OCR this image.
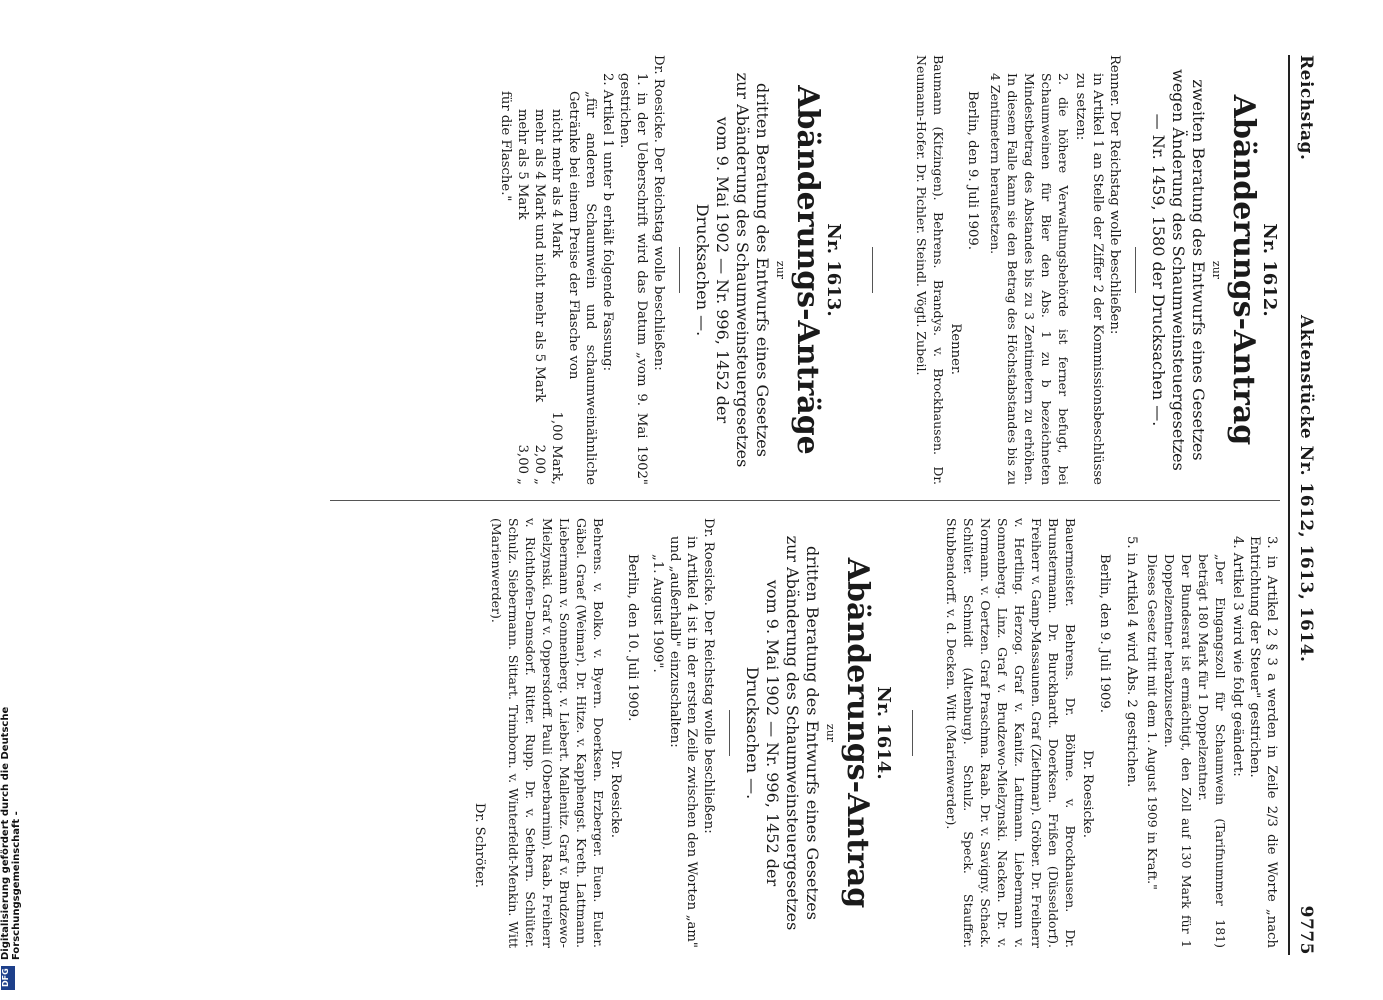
Reichstag.
Aktenstücke Nr. 1612, 1613, 1614.
9775

Nr. 1612.

Abänderungs-Antrag

zur

zweiten Beratung des Entwurfs eines Gesetzes

wegen Änderung des Schaumweinsteuergesetzes

— Nr. 1459, 1580 der Drucksachen —.

Renner. Der Reichstag wolle beschließen:

in Artikel 1 an Stelle der Ziffer 2 der Kommissionsbeschlüsse zu setzen:

2. die höhere Verwaltungsbehörde ist ferner befugt, bei Schaumweinen für Bier den Abs. 1 zu b bezeichneten Mindestbetrag des Abstandes bis zu 3 Zentimetern zu erhöhen. In diesem Falle kann sie den Betrag des Höchstabstandes bis zu 4 Zentimetern heraufsetzen.

Berlin, den 9. Juli 1909.

Renner.

Baumann (Kitzingen). Behrens. Brandys. v. Brockhausen. Dr. Neumann-Hofer. Dr. Pichler. Steindl. Vögtl. Zubeil.

Nr. 1613.

Abänderungs-Anträge

zur

dritten Beratung des Entwurfs eines Gesetzes

zur Abänderung des Schaumweinsteuergesetzes

vom 9. Mai 1902 — Nr. 996, 1452 der

Drucksachen —.

Dr. Roesicke. Der Reichstag wolle beschließen:

1. in der Ueberschrift wird das Datum „vom 9. Mai 1902" gestrichen.

2. Artikel 1 unter b erhält folgende Fassung:

„für anderen Schaumwein und schaumweinähnliche Getränke bei einem Preise der Flasche von

nicht mehr als 4 Mark
1,00 Mark,
mehr als 4 Mark und nicht mehr als 5 Mark
2,00 „
mehr als 5 Mark
3,00 „

für die Flasche."

3. in Artikel 2 § 3 a werden in Zeile 2/3 die Worte „nach Entrichtung der Steuer" gestrichen.

4. Artikel 3 wird wie folgt geändert:

„Der Eingangszoll für Schaumwein (Tarifnummer 181) beträgt 180 Mark für 1 Doppelzentner.

Der Bundesrat ist ermächtigt, den Zoll auf 130 Mark für 1 Doppelzentner herabzusetzen.

Dieses Gesetz tritt mit dem 1. August 1909 in Kraft."

5. in Artikel 4 wird Abs. 2 gestrichen.

Berlin, den 9. Juli 1909.

Dr. Roesicke.

Bauermeister. Behrens. Dr. Böhme. v. Brockhausen. Dr. Brunstermann. Dr. Burckhardt. Doerksen. Frißen (Düsseldorf). Freiherr v. Gamp-Massaunen. Graf (Ziethmar). Gröber. Dr. Freiherr v. Hertling. Herzog. Graf v. Kanitz. Lattmann. Liebermann v. Sonnenberg. Linz. Graf v. Brudzewo-Mielzynski. Nacken. Dr. v. Normann. v. Oertzen. Graf Praschma. Raab. Dr. v. Savigny. Schack. Schlüter. Schmidt (Altenburg). Schulz. Speck. Stauffer. Stubbendorff. v. d. Decken. Witt (Marienwerder).

Nr. 1614.

Abänderungs-Antrag

zur

dritten Beratung des Entwurfs eines Gesetzes

zur Abänderung des Schaumweinsteuergesetzes

vom 9. Mai 1902 — Nr. 996, 1452 der

Drucksachen —.

Dr. Roesicke. Der Reichstag wolle beschließen:

in Artikel 4 ist in der ersten Zeile zwischen den Worten „am" und „außerhalb" einzuschalten:

„1. August 1909".

Berlin, den 10. Juli 1909.

Dr. Roesicke.

Behrens. v. Bolko. v. Byern. Doerksen. Erzberger. Euen. Euler. Gäbel. Graef (Weimar). Dr. Hitze. v. Kapphengst. Kreth. Lattmann. Liebermann v. Sonnenberg. v. Liebert. Mallenitz. Graf v. Brudzewo-Mielzynski. Graf v. Oppersdorff. Pauli (Oberbarnim). Raab. Freiherr v. Richthofen-Damsdorf. Ritter. Rupp. Dr. v. Sethern. Schlüter. Schulz. Siebermann. Sittart. Trimborn. v. Winterfeldt-Menkin. Witt (Marienwerder).

Dr. Schröter.

Digitalisierung gefördert durch die Deutsche Forschungsgemeinschaft -
DFG
